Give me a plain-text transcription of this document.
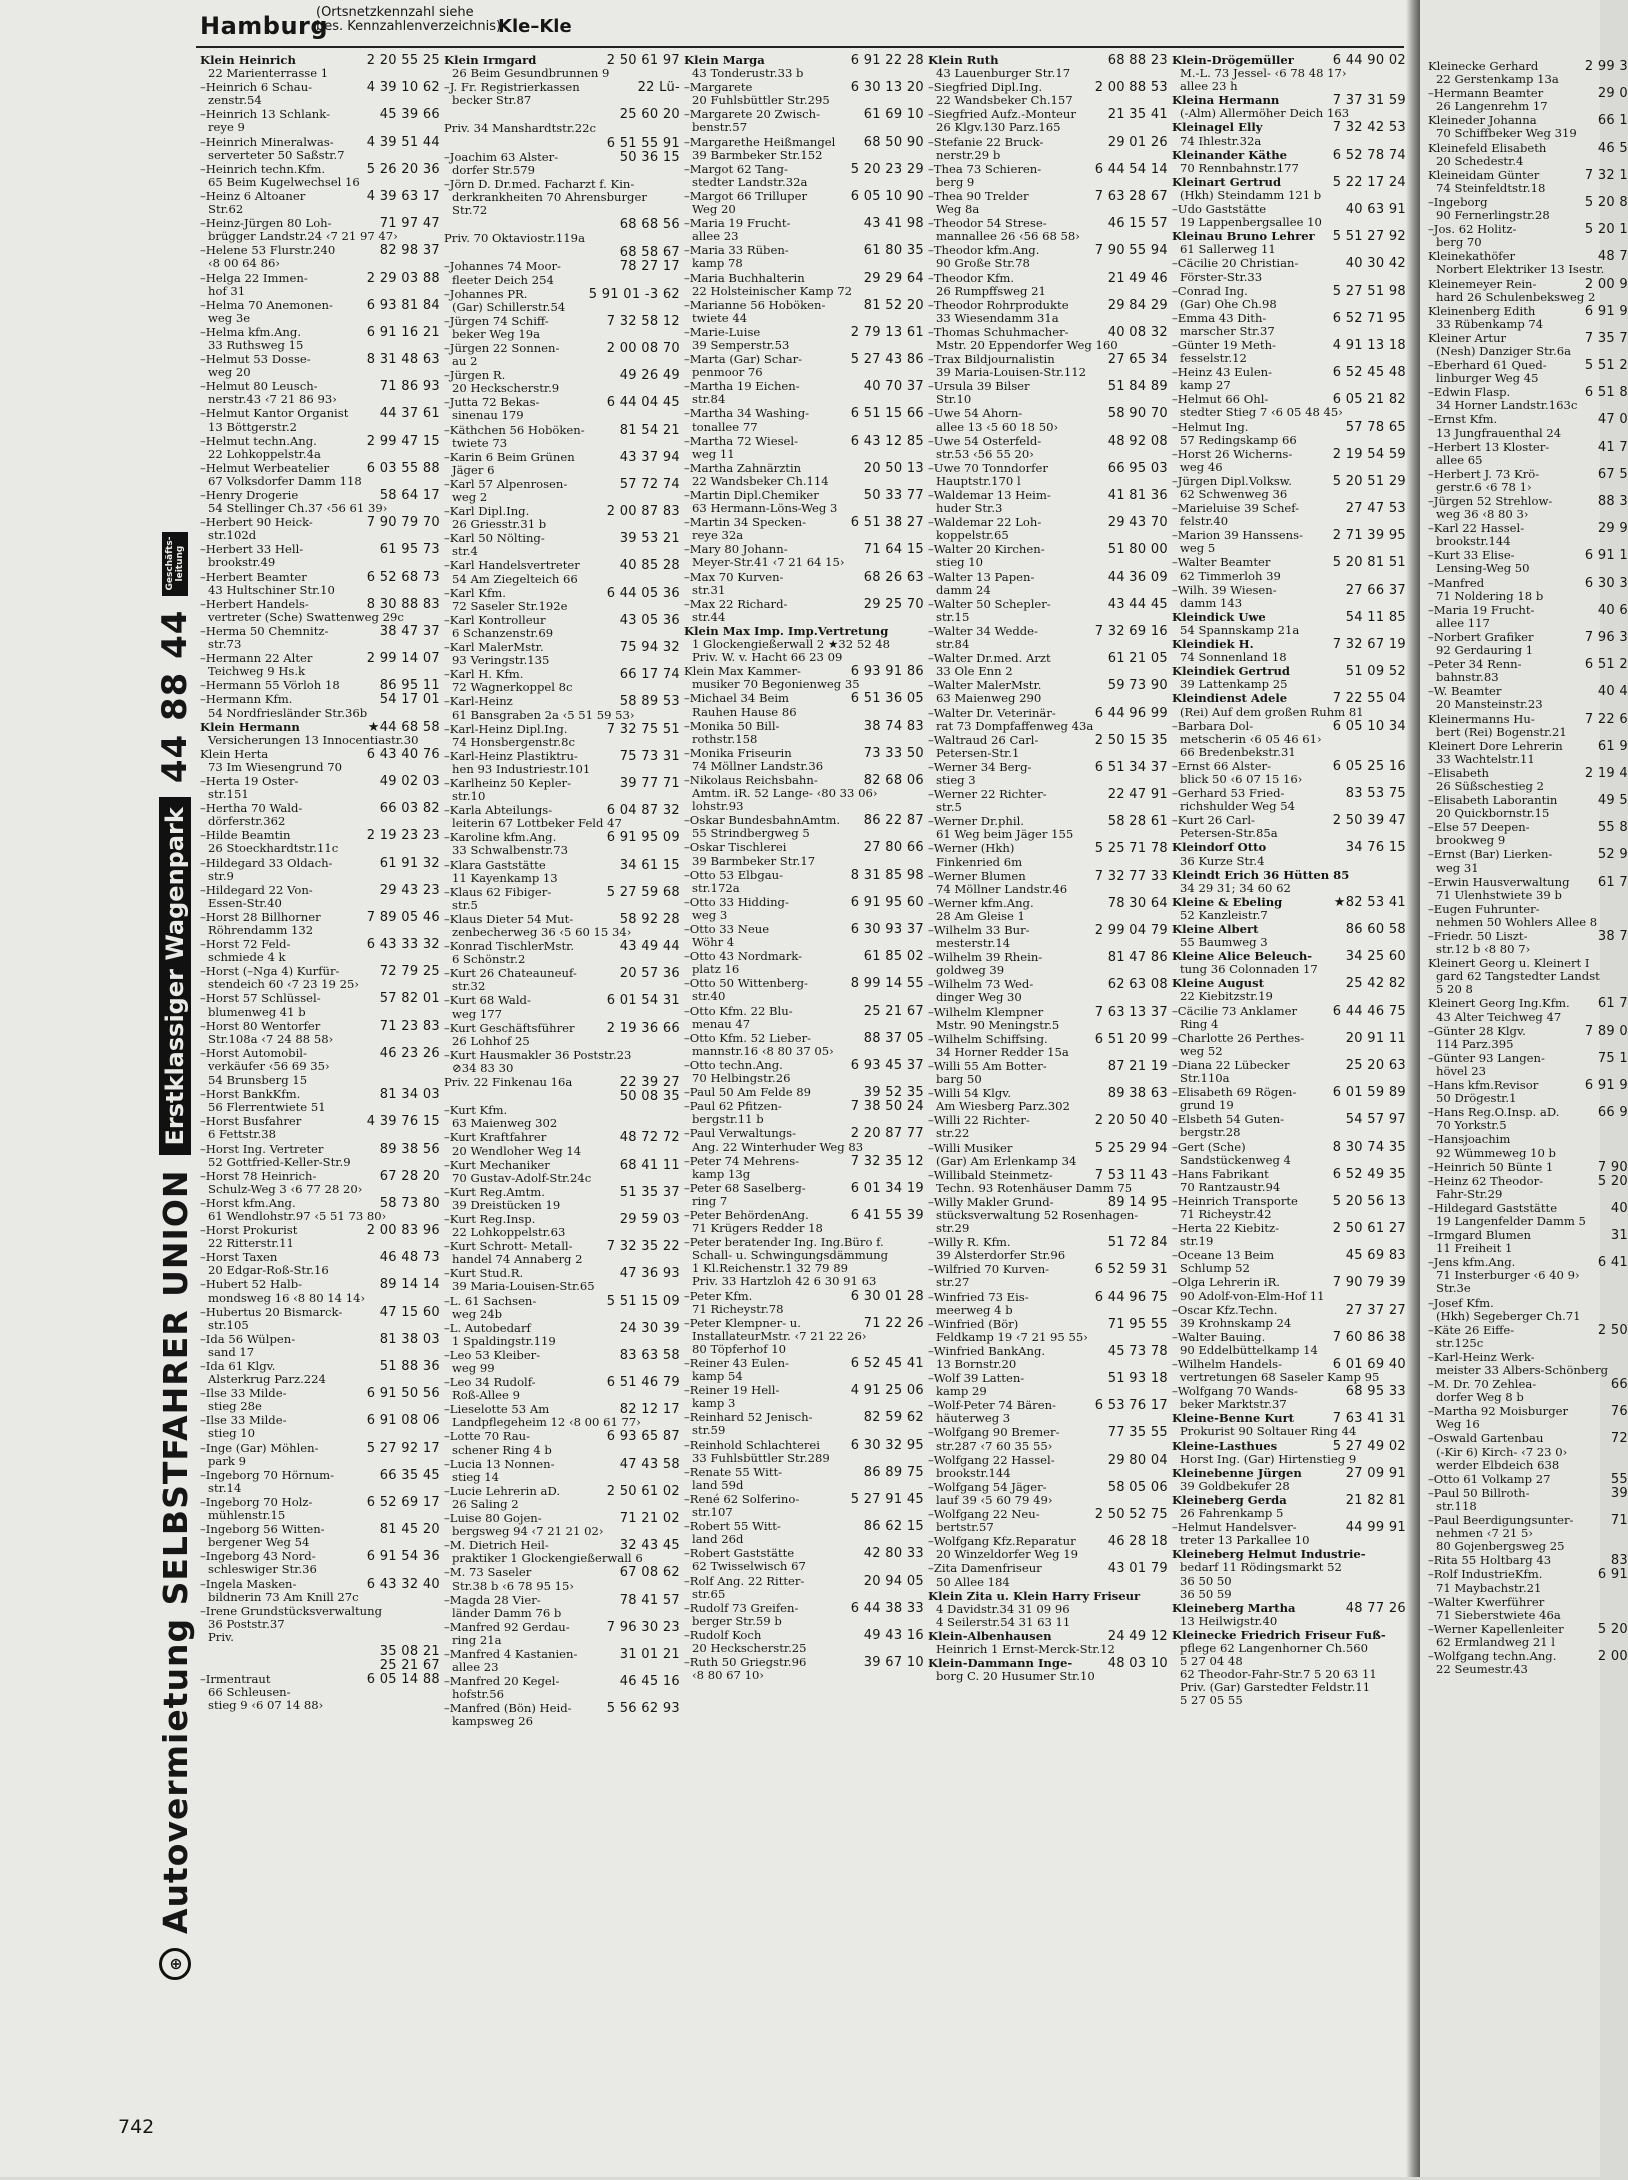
Hamburg
(Ortsnetzkennzahl siehe
bes. Kennzahlenverzeichnis)
Kle–Kle
⊕
Autovermietung SELBSTFAHRER UNION
Erstklassiger Wagenpark
44 88 44
Geschäfts-
leitung
742
Klein Heinrich	2 20 55 25
22 Marienterrasse 1
–Heinrich 6 Schau-	4 39 10 62
zenstr.54
–Heinrich 13 Schlank-	45 39 66
reye 9
–Heinrich Mineralwas-	4 39 51 44
serverteter 50 Saßstr.7
–Heinrich techn.Kfm.	5 26 20 36
65 Beim Kugelwechsel 16
–Heinz 6 Altoaner	4 39 63 17
Str.62
–Heinz-Jürgen 80 Loh-	71 97 47
brügger Landstr.24 ‹7 21 97 47›
–Helene 53 Flurstr.240	82 98 37
‹8 00 64 86›
–Helga 22 Immen-	2 29 03 88
hof 31
–Helma 70 Anemonen-	6 93 81 84
weg 3e
–Helma kfm.Ang.	6 91 16 21
33 Ruthsweg 15
–Helmut 53 Dosse-	8 31 48 63
weg 20
–Helmut 80 Leusch-	71 86 93
nerstr.43 ‹7 21 86 93›
–Helmut Kantor Organist	44 37 61
13 Böttgerstr.2
–Helmut techn.Ang.	2 99 47 15
22 Lohkoppelstr.4a
–Helmut Werbeatelier	6 03 55 88
67 Volksdorfer Damm 118
–Henry Drogerie	58 64 17
54 Stellinger Ch.37 ‹56 61 39›
–Herbert 90 Heick-	7 90 79 70
str.102d
–Herbert 33 Hell-	61 95 73
brookstr.49
–Herbert Beamter	6 52 68 73
43 Hultschiner Str.10
–Herbert Handels-	8 30 88 83
vertreter (Sche) Swattenweg 29c
–Herma 50 Chemnitz-	38 47 37
str.73
–Hermann 22 Alter	2 99 14 07
Teichweg 9 Hs.k
–Hermann 55 Vörloh 18	86 95 11
–Hermann Kfm.	54 17 01
54 Nordfriesländer Str.36b
Klein Hermann	★44 68 58
Versicherungen 13 Innocentiastr.30
Klein Herta	6 43 40 76
73 Im Wiesengrund 70
–Herta 19 Oster-	49 02 03
str.151
–Hertha 70 Wald-	66 03 82
dörferstr.362
–Hilde Beamtin	2 19 23 23
26 Stoeckhardtstr.11c
–Hildegard 33 Oldach-	61 91 32
str.9
–Hildegard 22 Von-	29 43 23
Essen-Str.40
–Horst 28 Billhorner	7 89 05 46
Röhrendamm 132
–Horst 72 Feld-	6 43 33 32
schmiede 4 k
–Horst (–Nga 4) Kurfür-	72 79 25
stendeich 60 ‹7 23 19 25›
–Horst 57 Schlüssel-	57 82 01
blumenweg 41 b
–Horst 80 Wentorfer	71 23 83
Str.108a ‹7 24 88 58›
–Horst Automobil-	46 23 26
verkäufer ‹56 69 35›
54 Brunsberg 15
–Horst BankKfm.	81 34 03
56 Flerrentwiete 51
–Horst Busfahrer	4 39 76 15
6 Fettstr.38
–Horst Ing. Vertreter	89 38 56
52 Gottfried-Keller-Str.9
–Horst 78 Heinrich-	67 28 20
Schulz-Weg 3 ‹6 77 28 20›
–Horst kfm.Ang.	58 73 80
61 Wendlohstr.97 ‹5 51 73 80›
–Horst Prokurist	2 00 83 96
22 Ritterstr.11
–Horst Taxen	46 48 73
20 Edgar-Roß-Str.16
–Hubert 52 Halb-	89 14 14
mondsweg 16 ‹8 80 14 14›
–Hubertus 20 Bismarck-	47 15 60
str.105
–Ida 56 Wülpen-	81 38 03
sand 17
–Ida 61 Klgv.	51 88 36
Alsterkrug Parz.224
–Ilse 33 Milde-	6 91 50 56
stieg 28e
–Ilse 33 Milde-	6 91 08 06
stieg 10
–Inge (Gar) Möhlen-	5 27 92 17
park 9
–Ingeborg 70 Hörnum-	66 35 45
str.14
–Ingeborg 70 Holz-	6 52 69 17
mühlenstr.15
–Ingeborg 56 Witten-	81 45 20
bergener Weg 54
–Ingeborg 43 Nord-	6 91 54 36
schleswiger Str.36
–Ingela Masken-	6 43 32 40
bildnerin 73 Am Knill 27c
–Irene Grundstücksverwaltung
36 Poststr.37
Priv.
35 08 21
25 21 67
–Irmentraut	6 05 14 88
66 Schleusen-
stieg 9 ‹6 07 14 88›
Klein Irmgard	2 50 61 97
26 Beim Gesundbrunnen 9
–J. Fr. Registrierkassen	22 Lü-
becker Str.87
25 60 20
Priv. 34 Manshardtstr.22c
6 51 55 91
–Joachim 63 Alster-	50 36 15
dorfer Str.579
–Jörn D. Dr.med. Facharzt f. Kin-
derkrankheiten 70 Ahrensburger
Str.72
68 68 56
Priv. 70 Oktaviostr.119a
68 58 67
–Johannes 74 Moor-	78 27 17
fleeter Deich 254
–Johannes PR.	5 91 01 -3 62
(Gar) Schillerstr.54
–Jürgen 74 Schiff-	7 32 58 12
beker Weg 19a
–Jürgen 22 Sonnen-	2 00 08 70
au 2
–Jürgen R.	49 26 49
20 Heckscherstr.9
–Jutta 72 Bekas-	6 44 04 45
sinenau 179
–Käthchen 56 Hoböken-	81 54 21
twiete 73
–Karin 6 Beim Grünen	43 37 94
Jäger 6
–Karl 57 Alpenrosen-	57 72 74
weg 2
–Karl Dipl.Ing.	2 00 87 83
26 Griesstr.31 b
–Karl 50 Nölting-	39 53 21
str.4
–Karl Handelsvertreter	40 85 28
54 Am Ziegelteich 66
–Karl Kfm.	6 44 05 36
72 Saseler Str.192e
–Karl Kontrolleur	43 05 36
6 Schanzenstr.69
–Karl MalerMstr.	75 94 32
93 Veringstr.135
–Karl H. Kfm.	66 17 74
72 Wagnerkoppel 8c
–Karl-Heinz	58 89 53
61 Bansgraben 2a ‹5 51 59 53›
–Karl-Heinz Dipl.Ing.	7 32 75 51
74 Honsbergenstr.8c
–Karl-Heinz Plastiktru-	75 73 31
hen 93 Industriestr.101
–Karlheinz 50 Kepler-	39 77 71
str.10
–Karla Abteilungs-	6 04 87 32
leiterin 67 Lottbeker Feld 47
–Karoline kfm.Ang.	6 91 95 09
33 Schwalbenstr.73
–Klara Gaststätte	34 61 15
11 Kayenkamp 13
–Klaus 62 Fibiger-	5 27 59 68
str.5
–Klaus Dieter 54 Mut-	58 92 28
zenbecherweg 36 ‹5 60 15 34›
–Konrad TischlerMstr.	43 49 44
6 Schönstr.2
–Kurt 26 Chateauneuf-	20 57 36
str.32
–Kurt 68 Wald-	6 01 54 31
weg 177
–Kurt Geschäftsführer	2 19 36 66
26 Lohhof 25
–Kurt Hausmakler 36 Poststr.23
⊘34 83 30
Priv. 22 Finkenau 16a	22 39 27
50 08 35
–Kurt Kfm.
63 Maienweg 302
–Kurt Kraftfahrer	48 72 72
20 Wendloher Weg 14
–Kurt Mechaniker	68 41 11
70 Gustav-Adolf-Str.24c
–Kurt Reg.Amtm.	51 35 37
39 Dreistücken 19
–Kurt Reg.Insp.	29 59 03
22 Lohkoppelstr.63
–Kurt Schrott- Metall-	7 32 35 22
handel 74 Annaberg 2
–Kurt Stud.R.	47 36 93
39 Maria-Louisen-Str.65
–L. 61 Sachsen-	5 51 15 09
weg 24b
–L. Autobedarf	24 30 39
1 Spaldingstr.119
–Leo 53 Kleiber-	83 63 58
weg 99
–Leo 34 Rudolf-	6 51 46 79
Roß-Allee 9
–Lieselotte 53 Am	82 12 17
Landpflegeheim 12 ‹8 00 61 77›
–Lotte 70 Rau-	6 93 65 87
schener Ring 4 b
–Lucia 13 Nonnen-	47 43 58
stieg 14
–Lucie Lehrerin aD.	2 50 61 02
26 Saling 2
–Luise 80 Gojen-	71 21 02
bergsweg 94 ‹7 21 21 02›
–M. Dietrich Heil-	32 43 45
praktiker 1 Glockengießerwall 6
–M. 73 Saseler	67 08 62
Str.38 b ‹6 78 95 15›
–Magda 28 Vier-	78 41 57
länder Damm 76 b
–Manfred 92 Gerdau-	7 96 30 23
ring 21a
–Manfred 4 Kastanien-	31 01 21
allee 23
–Manfred 20 Kegel-	46 45 16
hofstr.56
–Manfred (Bön) Heid-	5 56 62 93
kampsweg 26
Klein Marga	6 91 22 28
43 Tonderustr.33 b
–Margarete	6 30 13 20
20 Fuhlsbüttler Str.295
–Margarete 20 Zwisch-	61 69 10
benstr.57
–Margarethe Heißmangel	68 50 90
39 Barmbeker Str.152
–Margot 62 Tang-	5 20 23 29
stedter Landstr.32a
–Margot 66 Trilluper	6 05 10 90
Weg 20
–Maria 19 Frucht-	43 41 98
allee 23
–Maria 33 Rüben-	61 80 35
kamp 78
–Maria Buchhalterin	29 29 64
22 Holsteinischer Kamp 72
–Marianne 56 Hoböken-	81 52 20
twiete 44
–Marie-Luise	2 79 13 61
39 Semperstr.53
–Marta (Gar) Schar-	5 27 43 86
penmoor 76
–Martha 19 Eichen-	40 70 37
str.84
–Martha 34 Washing-	6 51 15 66
tonallee 77
–Martha 72 Wiesel-	6 43 12 85
weg 11
–Martha Zahnärztin	20 50 13
22 Wandsbeker Ch.114
–Martin Dipl.Chemiker	50 33 77
63 Hermann-Löns-Weg 3
–Martin 34 Specken-	6 51 38 27
reye 32a
–Mary 80 Johann-	71 64 15
Meyer-Str.41 ‹7 21 64 15›
–Max 70 Kurven-	68 26 63
str.31
–Max 22 Richard-	29 25 70
str.44
Klein Max Imp. Imp.Vertretung
1 Glockengießerwall 2 ★32 52 48
Priv. W. v. Hacht 66 23 09
Klein Max Kammer-	6 93 91 86
musiker 70 Begonienweg 35
–Michael 34 Beim	6 51 36 05
Rauhen Hause 86
–Monika 50 Bill-	38 74 83
rothstr.158
–Monika Friseurin	73 33 50
74 Möllner Landstr.36
–Nikolaus Reichsbahn-	82 68 06
Amtm. iR. 52 Lange- ‹80 33 06›
lohstr.93
–Oskar BundesbahnAmtm.	86 22 87
55 Strindbergweg 5
–Oskar Tischlerei	27 80 66
39 Barmbeker Str.17
–Otto 53 Elbgau-	8 31 85 98
str.172a
–Otto 33 Hidding-	6 91 95 60
weg 3
–Otto 33 Neue	6 30 93 37
Wöhr 4
–Otto 43 Nordmark-	61 85 02
platz 16
–Otto 50 Wittenberg-	8 99 14 55
str.40
–Otto Kfm. 22 Blu-	25 21 67
menau 47
–Otto Kfm. 52 Lieber-	88 37 05
mannstr.16 ‹8 80 37 05›
–Otto techn.Ang.	6 93 45 37
70 Helbingstr.26
–Paul 50 Am Felde 89	39 52 35
–Paul 62 Pfitzen-	7 38 50 24
bergstr.11 b
–Paul Verwaltungs-	2 20 87 77
Ang. 22 Winterhuder Weg 83
–Peter 74 Mehrens-	7 32 35 12
kamp 13g
–Peter 68 Saselberg-	6 01 34 19
ring 7
–Peter BehördenAng.	6 41 55 39
71 Krügers Redder 18
–Peter beratender Ing. Ing.Büro f.
Schall- u. Schwingungsdämmung
1 Kl.Reichenstr.1 32 79 89
Priv. 33 Hartzloh 42 6 30 91 63
–Peter Kfm.	6 30 01 28
71 Richeystr.78
–Peter Klempner- u.	71 22 26
InstallateurMstr. ‹7 21 22 26›
80 Töpferhof 10
–Reiner 43 Eulen-	6 52 45 41
kamp 54
–Reiner 19 Hell-	4 91 25 06
kamp 3
–Reinhard 52 Jenisch-	82 59 62
str.59
–Reinhold Schlachterei	6 30 32 95
33 Fuhlsbüttler Str.289
–Renate 55 Witt-	86 89 75
land 59d
–René 62 Solferino-	5 27 91 45
str.107
–Robert 55 Witt-	86 62 15
land 26d
–Robert Gaststätte	42 80 33
62 Twisselwisch 67
–Rolf Ang. 22 Ritter-	20 94 05
str.65
–Rudolf 73 Greifen-	6 44 38 33
berger Str.59 b
–Rudolf Koch	49 43 16
20 Heckscherstr.25
–Ruth 50 Griegstr.96	39 67 10
‹8 80 67 10›
Klein Ruth	68 88 23
43 Lauenburger Str.17
–Siegfried Dipl.Ing.	2 00 88 53
22 Wandsbeker Ch.157
–Siegfried Aufz.-Monteur	21 35 41
26 Klgv.130 Parz.165
–Stefanie 22 Bruck-	29 01 26
nerstr.29 b
–Thea 73 Schieren-	6 44 54 14
berg 9
–Thea 90 Trelder	7 63 28 67
Weg 8a
–Theodor 54 Strese-	46 15 57
mannallee 26 ‹56 68 58›
–Theodor kfm.Ang.	7 90 55 94
90 Große Str.78
–Theodor Kfm.	21 49 46
26 Rumpffsweg 21
–Theodor Rohrprodukte	29 84 29
33 Wiesendamm 31a
–Thomas Schuhmacher-	40 08 32
Mstr. 20 Eppendorfer Weg 160
–Trax Bildjournalistin	27 65 34
39 Maria-Louisen-Str.112
–Ursula 39 Bilser	51 84 89
Str.10
–Uwe 54 Ahorn-	58 90 70
allee 13 ‹5 60 18 50›
–Uwe 54 Osterfeld-	48 92 08
str.53 ‹56 55 20›
–Uwe 70 Tonndorfer	66 95 03
Hauptstr.170 l
–Waldemar 13 Heim-	41 81 36
huder Str.3
–Waldemar 22 Loh-	29 43 70
koppelstr.65
–Walter 20 Kirchen-	51 80 00
stieg 10
–Walter 13 Papen-	44 36 09
damm 24
–Walter 50 Schepler-	43 44 45
str.15
–Walter 34 Wedde-	7 32 69 16
str.84
–Walter Dr.med. Arzt	61 21 05
33 Ole Enn 2
–Walter MalerMstr.	59 73 90
63 Maienweg 290
–Walter Dr. Veterinär-	6 44 96 99
rat 73 Dompfaffenweg 43a
–Waltraud 26 Carl-	2 50 15 35
Petersen-Str.1
–Werner 34 Berg-	6 51 34 37
stieg 3
–Werner 22 Richter-	22 47 91
str.5
–Werner Dr.phil.	58 28 61
61 Weg beim Jäger 155
–Werner (Hkh)	5 25 71 78
Finkenried 6m
–Werner Blumen	7 32 77 33
74 Möllner Landstr.46
–Werner kfm.Ang.	78 30 64
28 Am Gleise 1
–Wilhelm 33 Bur-	2 99 04 79
mesterstr.14
–Wilhelm 39 Rhein-	81 47 86
goldweg 39
–Wilhelm 73 Wed-	62 63 08
dinger Weg 30
–Wilhelm Klempner	7 63 13 37
Mstr. 90 Meningstr.5
–Wilhelm Schiffsing.	6 51 20 99
34 Horner Redder 15a
–Willi 55 Am Botter-	87 21 19
barg 50
–Willi 54 Klgv.	89 38 63
Am Wiesberg Parz.302
–Willi 22 Richter-	2 20 50 40
str.22
–Willi Musiker	5 25 29 94
(Gar) Am Erlenkamp 34
–Willibald Steinmetz-	7 53 11 43
Techn. 93 Rotenhäuser Damm 75
–Willy Makler Grund-	89 14 95
stücksverwaltung 52 Rosenhagen-
str.29
–Willy R. Kfm.	51 72 84
39 Alsterdorfer Str.96
–Wilfried 70 Kurven-	6 52 59 31
str.27
–Winfried 73 Eis-	6 44 96 75
meerweg 4 b
–Winfried (Bör)	71 95 55
Feldkamp 19 ‹7 21 95 55›
–Winfried BankAng.	45 73 78
13 Bornstr.20
–Wolf 39 Latten-	51 93 18
kamp 29
–Wolf-Peter 74 Bären-	6 53 76 17
häuterweg 3
–Wolfgang 90 Bremer-	77 35 55
str.287 ‹7 60 35 55›
–Wolfgang 22 Hassel-	29 80 04
brookstr.144
–Wolfgang 54 Jäger-	58 05 06
lauf 39 ‹5 60 79 49›
–Wolfgang 22 Neu-	2 50 52 75
bertstr.57
–Wolfgang Kfz.Reparatur	46 28 18
20 Winzeldorfer Weg 19
–Zita Damenfriseur	43 01 79
50 Allee 184
Klein Zita u. Klein Harry Friseur
4 Davidstr.34 31 09 96
4 Seilerstr.54 31 63 11
Klein-Albenhausen	24 49 12
Heinrich 1 Ernst-Merck-Str.12
Klein-Dammann Inge-	48 03 10
borg C. 20 Husumer Str.10
Klein-Drögemüller	6 44 90 02
M.-L. 73 Jessel- ‹6 78 48 17›
allee 23 h
Kleina Hermann	7 37 31 59
(-Alm) Allermöher Deich 163
Kleinagel Elly	7 32 42 53
74 Ihlestr.32a
Kleinander Käthe	6 52 78 74
70 Rennbahnstr.177
Kleinart Gertrud	5 22 17 24
(Hkh) Steindamm 121 b
–Udo Gaststätte	40 63 91
19 Lappenbergsallee 10
Kleinau Bruno Lehrer	5 51 27 92
61 Sallerweg 11
–Cäcilie 20 Christian-	40 30 42
Förster-Str.33
–Conrad Ing.	5 27 51 98
(Gar) Ohe Ch.98
–Emma 43 Dith-	6 52 71 95
marscher Str.37
–Günter 19 Meth-	4 91 13 18
fesselstr.12
–Heinz 43 Eulen-	6 52 45 48
kamp 27
–Helmut 66 Ohl-	6 05 21 82
stedter Stieg 7 ‹6 05 48 45›
–Helmut Ing.	57 78 65
57 Redingskamp 66
–Horst 26 Wicherns-	2 19 54 59
weg 46
–Jürgen Dipl.Volksw.	5 20 51 29
62 Schwenweg 36
–Marieluise 39 Schef-	27 47 53
felstr.40
–Marion 39 Hanssens-	2 71 39 95
weg 5
–Walter Beamter	5 20 81 51
62 Timmerloh 39
–Wilh. 39 Wiesen-	27 66 37
damm 143
Kleindick Uwe	54 11 85
54 Spannskamp 21a
Kleindiek H.	7 32 67 19
74 Sonnenland 18
Kleindiek Gertrud	51 09 52
39 Lattenkamp 25
Kleindienst Adele	7 22 55 04
(Rei) Auf dem großen Ruhm 81
–Barbara Dol-	6 05 10 34
metscherin ‹6 05 46 61›
66 Bredenbekstr.31
–Ernst 66 Alster-	6 05 25 16
blick 50 ‹6 07 15 16›
–Gerhard 53 Fried-	83 53 75
richshulder Weg 54
–Kurt 26 Carl-	2 50 39 47
Petersen-Str.85a
Kleindorf Otto	34 76 15
36 Kurze Str.4
Kleindt Erich 36 Hütten 85
34 29 31; 34 60 62
Kleine & Ebeling	★82 53 41
52 Kanzleistr.7
Kleine Albert	86 60 58
55 Baumweg 3
Kleine Alice Beleuch-	34 25 60
tung 36 Colonnaden 17
Kleine August	25 42 82
22 Kiebitzstr.19
–Cäcilie 73 Anklamer	6 44 46 75
Ring 4
–Charlotte 26 Perthes-	20 91 11
weg 52
–Diana 22 Lübecker	25 20 63
Str.110a
–Elisabeth 69 Rögen-	6 01 59 89
grund 19
–Elsbeth 54 Guten-	54 57 97
bergstr.28
–Gert (Sche)	8 30 74 35
Sandstückenweg 4
–Hans Fabrikant	6 52 49 35
70 Rantzaustr.94
–Heinrich Transporte	5 20 56 13
71 Richeystr.42
–Herta 22 Kiebitz-	2 50 61 27
str.19
–Oceane 13 Beim	45 69 83
Schlump 52
–Olga Lehrerin iR.	7 90 79 39
90 Adolf-von-Elm-Hof 11
–Oscar Kfz.Techn.	27 37 27
39 Krohnskamp 24
–Walter Bauing.	7 60 86 38
90 Eddelbüttelkamp 14
–Wilhelm Handels-	6 01 69 40
vertretungen 68 Saseler Kamp 95
–Wolfgang 70 Wands-	68 95 33
beker Marktstr.37
Kleine-Benne Kurt	7 63 41 31
Prokurist 90 Soltauer Ring 44
Kleine-Lasthues	5 27 49 02
Horst Ing. (Gar) Hirtenstieg 9
Kleinebenne Jürgen	27 09 91
39 Goldbekufer 28
Kleineberg Gerda	21 82 81
26 Fahrenkamp 5
–Helmut Handelsver-	44 99 91
treter 13 Parkallee 10
Kleineberg Helmut Industrie-
bedarf 11 Rödingsmarkt 52
36 50 50
36 50 59
Kleineberg Martha	48 77 26
13 Heilwigstr.40
Kleinecke Friedrich Friseur Fuß-
pflege 62 Langenhorner Ch.560
5 27 04 48
62 Theodor-Fahr-Str.7 5 20 63 11
Priv. (Gar) Garstedter Feldstr.11
5 27 05 55
Kleinecke Gerhard	2 99 3
22 Gerstenkamp 13a
–Hermann Beamter	29 0
26 Langenrehm 17
Kleineder Johanna	66 1
70 Schiffbeker Weg 319
Kleinefeld Elisabeth	46 5
20 Schedestr.4
Kleineidam Günter	7 32 1
74 Steinfeldtstr.18
–Ingeborg	5 20 8
90 Fernerlingstr.28
–Jos. 62 Holitz-	5 20 1
berg 70
Kleinekathöfer	48 7
Norbert Elektriker 13 Isestr.
Kleinemeyer Rein-	2 00 9
hard 26 Schulenbeksweg 2
Kleinenberg Edith	6 91 9
33 Rübenkamp 74
Kleiner Artur	7 35 7
(Nesh) Danziger Str.6a
–Eberhard 61 Qued-	5 51 2
linburger Weg 45
–Edwin Flasp.	6 51 8
34 Horner Landstr.163c
–Ernst Kfm.	47 0
13 Jungfrauenthal 24
–Herbert 13 Kloster-	41 7
allee 65
–Herbert J. 73 Krö-	67 5
gerstr.6 ‹6 78 1›
–Jürgen 52 Strehlow-	88 3
weg 36 ‹8 80 3›
–Karl 22 Hassel-	29 9
brookstr.144
–Kurt 33 Elise-	6 91 1
Lensing-Weg 50
–Manfred	6 30 3
71 Noldering 18 b
–Maria 19 Frucht-	40 6
allee 117
–Norbert Grafiker	7 96 3
92 Gerdauring 1
–Peter 34 Renn-	6 51 2
bahnstr.83
–W. Beamter	40 4
20 Mansteinstr.23
Kleinermanns Hu-	7 22 6
bert (Rei) Bogenstr.21
Kleinert Dore Lehrerin	61 9
33 Wachtelstr.11
–Elisabeth	2 19 4
26 Süßschestieg 2
–Elisabeth Laborantin	49 5
20 Quickbornstr.15
–Else 57 Deepen-	55 8
brookweg 9
–Ernst (Bar) Lierken-	52 9
weg 31
–Erwin Hausverwaltung	61 7
71 Ulenhstwiete 39 b
–Eugen Fuhrunter-
nehmen 50 Wohlers Allee 8
–Friedr. 50 Liszt-	38 7
str.12 b ‹8 80 7›
Kleinert Georg u. Kleinert I
gard 62 Tangstedter Landst
5 20 8
Kleinert Georg Ing.Kfm.	61 7
43 Alter Teichweg 47
–Günter 28 Klgv.	7 89 0
114 Parz.395
–Günter 93 Langen-	75 1
hövel 23
–Hans kfm.Revisor	6 91 9
50 Drögestr.1
–Hans Reg.O.Insp. aD.	66 9
70 Yorkstr.5
–Hansjoachim
92 Wümmeweg 10 b
–Heinrich 50 Bünte 1	7 90
–Heinz 62 Theodor-	5 20
Fahr-Str.29
–Hildegard Gaststätte	40
19 Langenfelder Damm 5
–Irmgard Blumen	31
11 Freiheit 1
–Jens kfm.Ang.	6 41
71 Insterburger ‹6 40 9›
Str.3e
–Josef Kfm.
(Hkh) Segeberger Ch.71
–Käte 26 Eiffe-	2 50
str.125c
–Karl-Heinz Werk-
meister 33 Albers-Schönberg
–M. Dr. 70 Zehlea-	66
dorfer Weg 8 b
–Martha 92 Moisburger	76
Weg 16
–Oswald Gartenbau	72
(-Kir 6) Kirch- ‹7 23 0›
werder Elbdeich 638
–Otto 61 Volkamp 27	55
–Paul 50 Billroth-	39
str.118
–Paul Beerdigungsunter-	71
nehmen ‹7 21 5›
80 Gojenbergsweg 25
–Rita 55 Holtbarg 43	83
–Rolf IndustrieKfm.	6 91
71 Maybachstr.21
–Walter Kwerführer
71 Sieberstwiete 46a
–Werner Kapellenleiter	5 20
62 Ermlandweg 21 l
–Wolfgang techn.Ang.	2 00
22 Seumestr.43
